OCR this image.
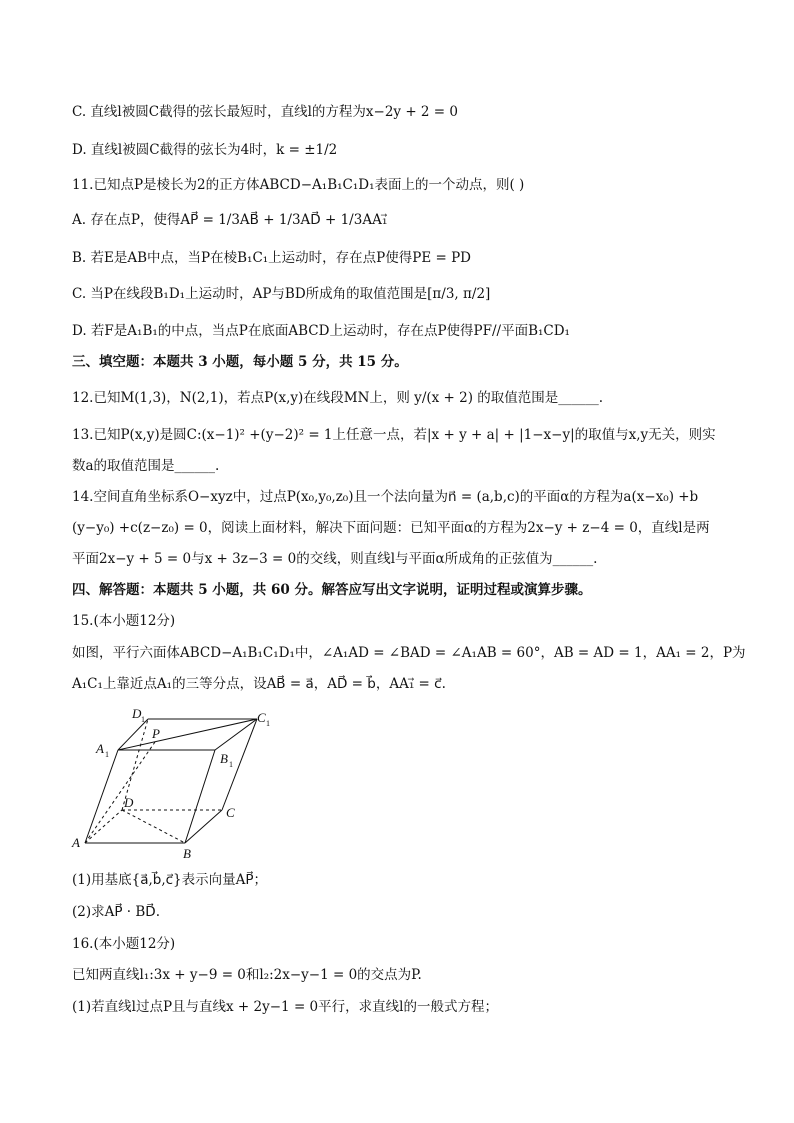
C. 直线l被圆C截得的弦长最短时，直线l的方程为x−2y + 2 = 0
D. 直线l被圆C截得的弦长为4时，k = ±1/2
11.已知点P是棱长为2的正方体ABCD−A₁B₁C₁D₁表面上的一个动点，则( )
A. 存在点P，使得AP⃗ = 1/3AB⃗ + 1/3AD⃗ + 1/3AA₁⃗
B. 若E是AB中点，当P在棱B₁C₁上运动时，存在点P使得PE = PD
C. 当P在线段B₁D₁上运动时，AP与BD所成角的取值范围是[π/3, π/2]
D. 若F是A₁B₁的中点，当点P在底面ABCD上运动时，存在点P使得PF//平面B₁CD₁
三、填空题：本题共 3 小题，每小题 5 分，共 15 分。
12.已知M(1,3)，N(2,1)，若点P(x,y)在线段MN上，则 y/(x + 2) 的取值范围是______.
13.已知P(x,y)是圆C:(x−1)² +(y−2)² = 1上任意一点，若|x + y + a| + |1−x−y|的取值与x,y无关，则实
数a的取值范围是______.
14.空间直角坐标系O−xyz中，过点P(x₀,y₀,z₀)且一个法向量为n⃗ = (a,b,c)的平面α的方程为a(x−x₀) +b
(y−y₀) +c(z−z₀) = 0，阅读上面材料，解决下面问题：已知平面α的方程为2x−y + z−4 = 0，直线l是两
平面2x−y + 5 = 0与x + 3z−3 = 0的交线，则直线l与平面α所成角的正弦值为______.
四、解答题：本题共 5 小题，共 60 分。解答应写出文字说明，证明过程或演算步骤。
15.(本小题12分)
如图，平行六面体ABCD−A₁B₁C₁D₁中，∠A₁AD = ∠BAD = ∠A₁AB = 60°，AB = AD = 1，AA₁ = 2，P为
A₁C₁上靠近点A₁的三等分点，设AB⃗ = a⃗，AD⃗ = b⃗，AA₁⃗ = c⃗.
A
B
C
D
A 1	B 1
C 1
D 1
P
(1)用基底{a⃗,b⃗,c⃗}表示向量AP⃗；
(2)求AP⃗ · BD⃗.
16.(本小题12分)
已知两直线l₁:3x + y−9 = 0和l₂:2x−y−1 = 0的交点为P.
(1)若直线l过点P且与直线x + 2y−1 = 0平行，求直线l的一般式方程；
